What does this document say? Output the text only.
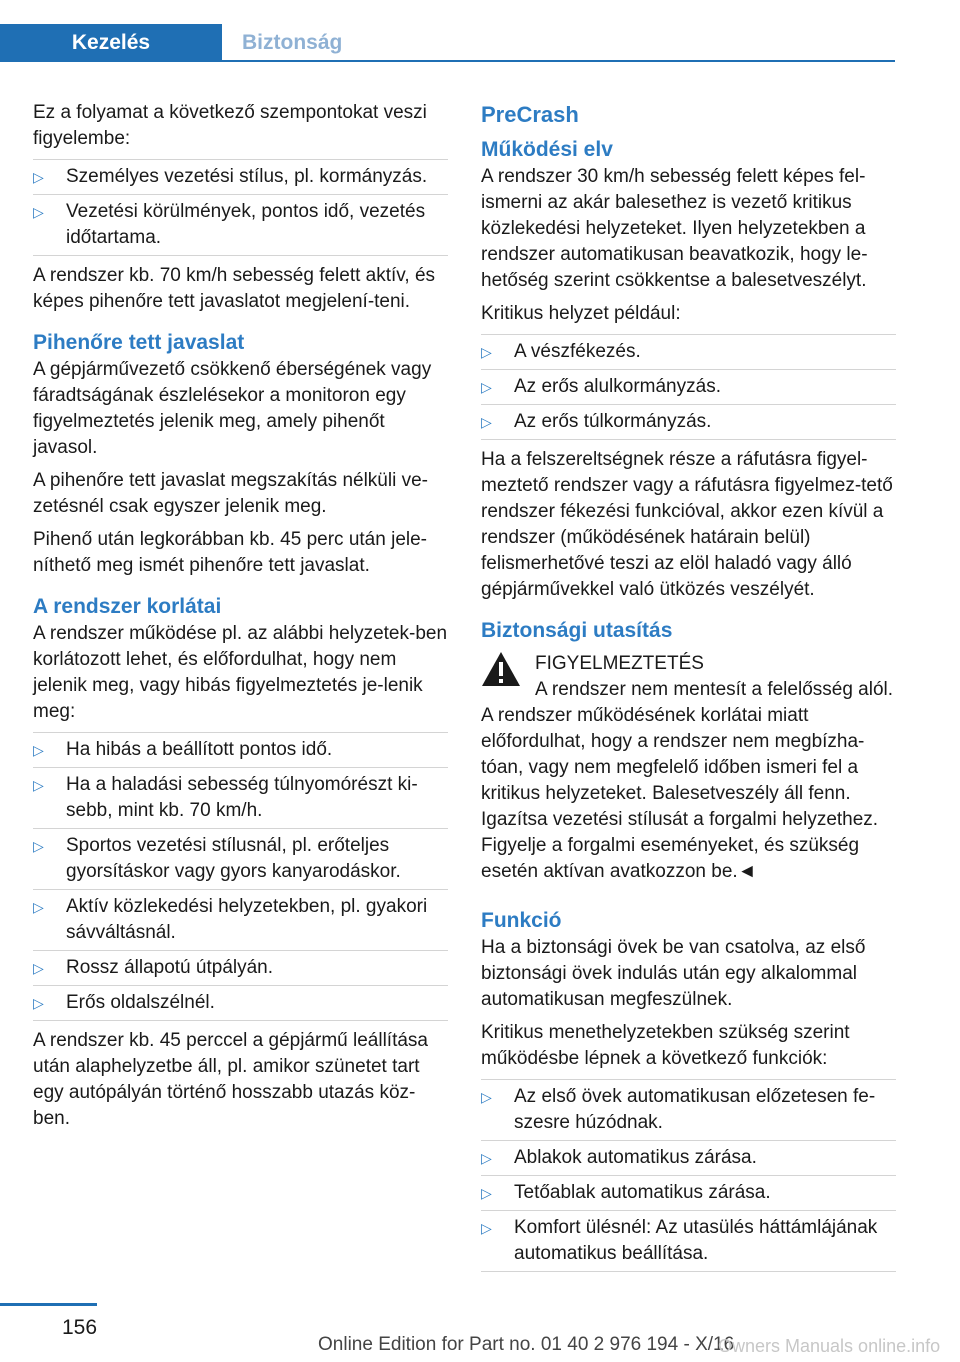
Kezelés	Biztonság

Ez a folyamat a következő szempontokat veszi figyelembe:

▷ Személyes vezetési stílus, pl. kormányzás.
▷ Vezetési körülmények, pontos idő, vezetés időtartama.

A rendszer kb. 70 km/h sebesség felett aktív, és képes pihenőre tett javaslatot megjelení‐teni.

Pihenőre tett javaslat

A gépjárművezető csökkenő éberségének vagy fáradtságának észlelésekor a monitoron egy figyelmeztetés jelenik meg, amely pihenőt javasol.

A pihenőre tett javaslat megszakítás nélküli ve‐zetésnél csak egyszer jelenik meg.

Pihenő után legkorábban kb. 45 perc után jele‐níthető meg ismét pihenőre tett javaslat.

A rendszer korlátai

A rendszer működése pl. az alábbi helyzetek‐ben korlátozott lehet, és előfordulhat, hogy nem jelenik meg, vagy hibás figyelmeztetés je‐lenik meg:

▷ Ha hibás a beállított pontos idő.
▷ Ha a haladási sebesség túlnyomórészt ki‐sebb, mint kb. 70 km/h.
▷ Sportos vezetési stílusnál, pl. erőteljes gyorsításkor vagy gyors kanyarodáskor.
▷ Aktív közlekedési helyzetekben, pl. gyakori sávváltásnál.
▷ Rossz állapotú útpályán.
▷ Erős oldalszélnél.

A rendszer kb. 45 perccel a gépjármű leállítása után alaphelyzetbe áll, pl. amikor szünetet tart egy autópályán történő hosszabb utazás köz‐ben.

PreCrash
Működési elv

A rendszer 30 km/h sebesség felett képes fel‐ismerni az akár balesethez is vezető kritikus közlekedési helyzeteket. Ilyen helyzetekben a rendszer automatikusan beavatkozik, hogy le‐hetőség szerint csökkentse a balesetveszélyt.

Kritikus helyzet például:

▷ A vészfékezés.
▷ Az erős alulkormányzás.
▷ Az erős túlkormányzás.

Ha a felszereltségnek része a ráfutásra figyel‐meztető rendszer vagy a ráfutásra figyelmez‐tető rendszer fékezési funkcióval, akkor ezen kívül a rendszer (működésének határain belül) felismerhetővé teszi az elöl haladó vagy álló gépjárművekkel való ütközés veszélyét.

Biztonsági utasítás
FIGYELMEZTETÉS
A rendszer nem mentesít a felelősség alól. A rendszer működésének korlátai miatt előfordulhat, hogy a rendszer nem megbízha‐tóan, vagy nem megfelelő időben ismeri fel a kritikus helyzeteket. Balesetveszély áll fenn. Igazítsa vezetési stílusát a forgalmi helyzethez. Figyelje a forgalmi eseményeket, és szükség esetén aktívan avatkozzon be.◄
Funkció

Ha a biztonsági övek be van csatolva, az első biztonsági övek indulás után egy alkalommal automatikusan megfeszülnek.

Kritikus menethelyzetekben szükség szerint működésbe lépnek a következő funkciók:

▷ Az első övek automatikusan előzetesen fe‐szesre húzódnak.
▷ Ablakok automatikus zárása.
▷ Tetőablak automatikus zárása.
▷ Komfort ülésnél: Az utasülés háttámlájának automatikus beállítása.
156
Online Edition for Part no. 01 40 2 976 194 - X/16
Owners Manuals online.info
